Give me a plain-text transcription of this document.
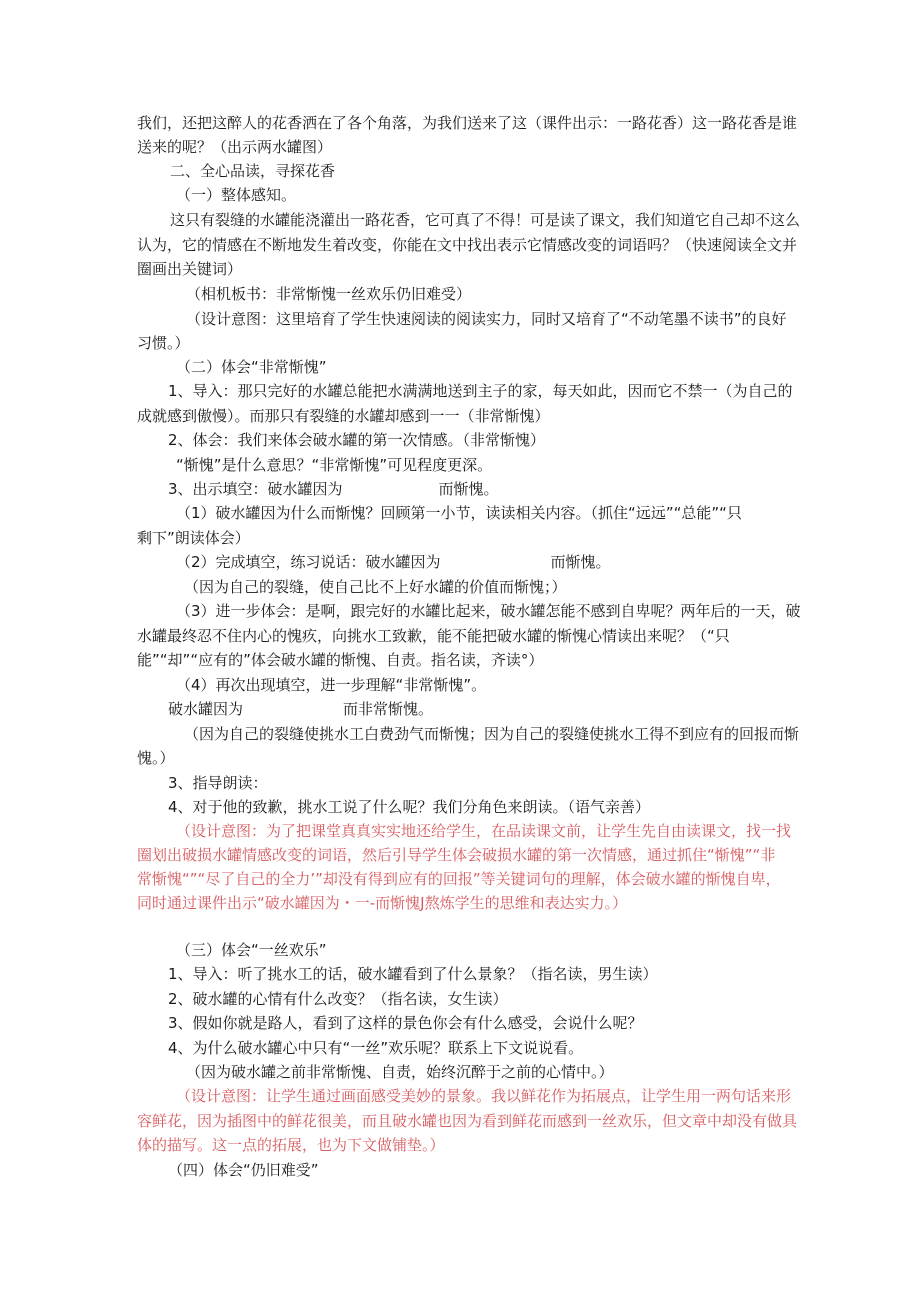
我们，还把这醉人的花香洒在了各个角落，为我们送来了这（课件出示：一路花香）这一路花香是谁
送来的呢？（出示两水罐图）
二、全心品读，寻探花香
（一）整体感知。
这只有裂缝的水罐能浇灌出一路花香，它可真了不得！可是读了课文，我们知道它自己却不这么
认为，它的情感在不断地发生着改变，你能在文中找出表示它情感改变的词语吗？（快速阅读全文并
圈画出关键词）
（相机板书：非常惭愧一丝欢乐仍旧难受）
（设计意图：这里培育了学生快速阅读的阅读实力，同时又培育了“不动笔墨不读书”的良好
习惯。）
（二）体会“非常惭愧”
1、导入：那只完好的水罐总能把水满满地送到主子的家，每天如此，因而它不禁一（为自己的
成就感到傲慢）。而那只有裂缝的水罐却感到一一（非常惭愧）
2、体会：我们来体会破水罐的第一次情感。（非常惭愧）
“惭愧”是什么意思？“非常惭愧”可见程度更深。
3、出示填空：破水罐因为	而惭愧。
（1）破水罐因为什么而惭愧？回顾第一小节，读读相关内容。（抓住“远远”“总能”“只
剩下”朗读体会）
（2）完成填空，练习说话：破水罐因为	而惭愧。
（因为自己的裂缝，使自己比不上好水罐的价值而惭愧；）
（3）进一步体会：是啊，跟完好的水罐比起来，破水罐怎能不感到自卑呢？两年后的一天，破
水罐最终忍不住内心的愧疚，向挑水工致歉，能不能把破水罐的惭愧心情读出来呢？（“只
能”“却”“应有的”体会破水罐的惭愧、自责。指名读，齐读°）
（4）再次出现填空，进一步理解“非常惭愧”。
破水罐因为	而非常惭愧。
（因为自己的裂缝使挑水工白费劲气而惭愧；因为自己的裂缝使挑水工得不到应有的回报而惭
愧。）
3、指导朗读：
4、对于他的致歉，挑水工说了什么呢？我们分角色来朗读。（语气亲善）
（设计意图：为了把课堂真真实实地还给学生，在品读课文前，让学生先自由读课文，找一找
圈划出破损水罐情感改变的词语，然后引导学生体会破损水罐的第一次情感，通过抓住“惭愧”“非
常惭愧“”“尽了自己的全力’”却没有得到应有的回报”等关键词句的理解，体会破水罐的惭愧自卑，
同时通过课件出示“破水罐因为・一-而惭愧J熬炼学生的思维和表达实力。）
（三）体会“一丝欢乐”
1、导入：听了挑水工的话，破水罐看到了什么景象？（指名读，男生读）
2、破水罐的心情有什么改变？（指名读，女生读）
3、假如你就是路人，看到了这样的景色你会有什么感受，会说什么呢？
4、为什么破水罐心中只有“一丝”欢乐呢？联系上下文说说看。
（因为破水罐之前非常惭愧、自责，始终沉醉于之前的心情中。）
（设计意图：让学生通过画面感受美妙的景象。我以鲜花作为拓展点，让学生用一两句话来形
容鲜花，因为插图中的鲜花很美，而且破水罐也因为看到鲜花而感到一丝欢乐，但文章中却没有做具
体的描写。这一点的拓展，也为下文做铺垫。）
（四）体会“仍旧难受”
